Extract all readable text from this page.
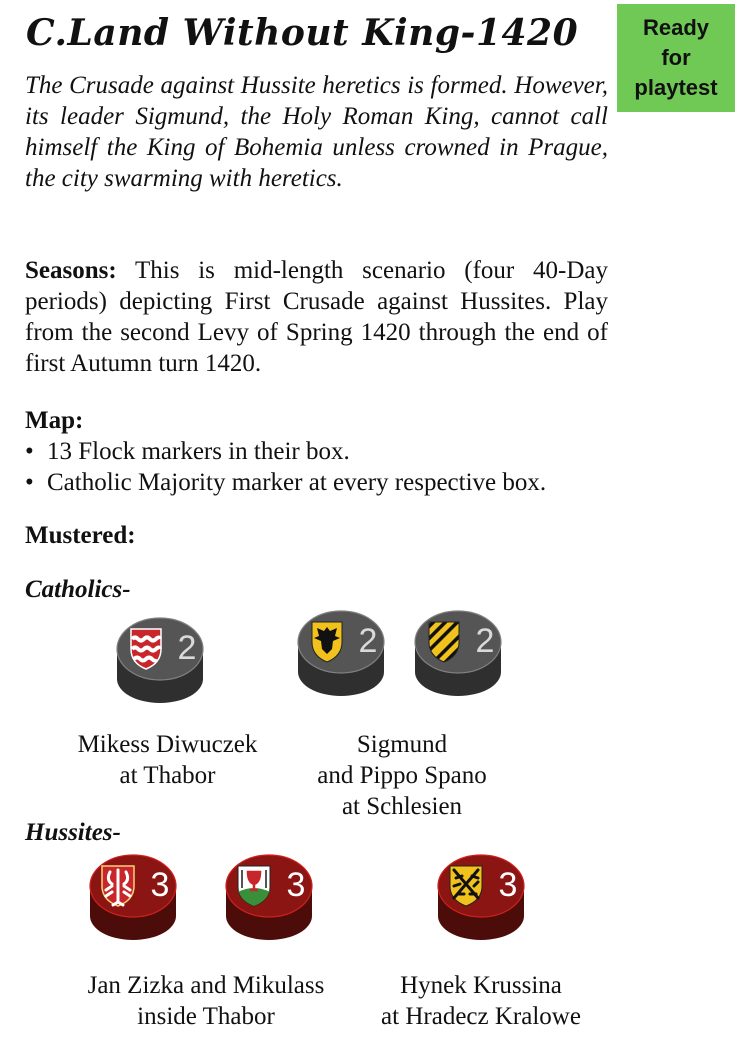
C.Land Without King-1420	Ready
for
playtest

The Crusade against Hussite heretics is formed. However, its leader Sigmund, the Holy Roman King, cannot call himself the King of Bohemia unless crowned in Prague, the city swarming with heretics.

Seasons: This is mid-length scenario (four 40-Day periods) depicting First Crusade against Hussites. Play from the second Levy of Spring 1420 through the end of first Autumn turn 1420.

Map:
• 13 Flock markers in their box.
• Catholic Majority marker at every respective box.
Mustered:
Catholics-
2	2	2
Mikess Diwuczek
at Thabor
Sigmund
and Pippo Spano
at Schlesien
Hussites-
3	3	3
Jan Zizka and Mikulass
inside Thabor
Hynek Krussina
at Hradecz Kralowe
